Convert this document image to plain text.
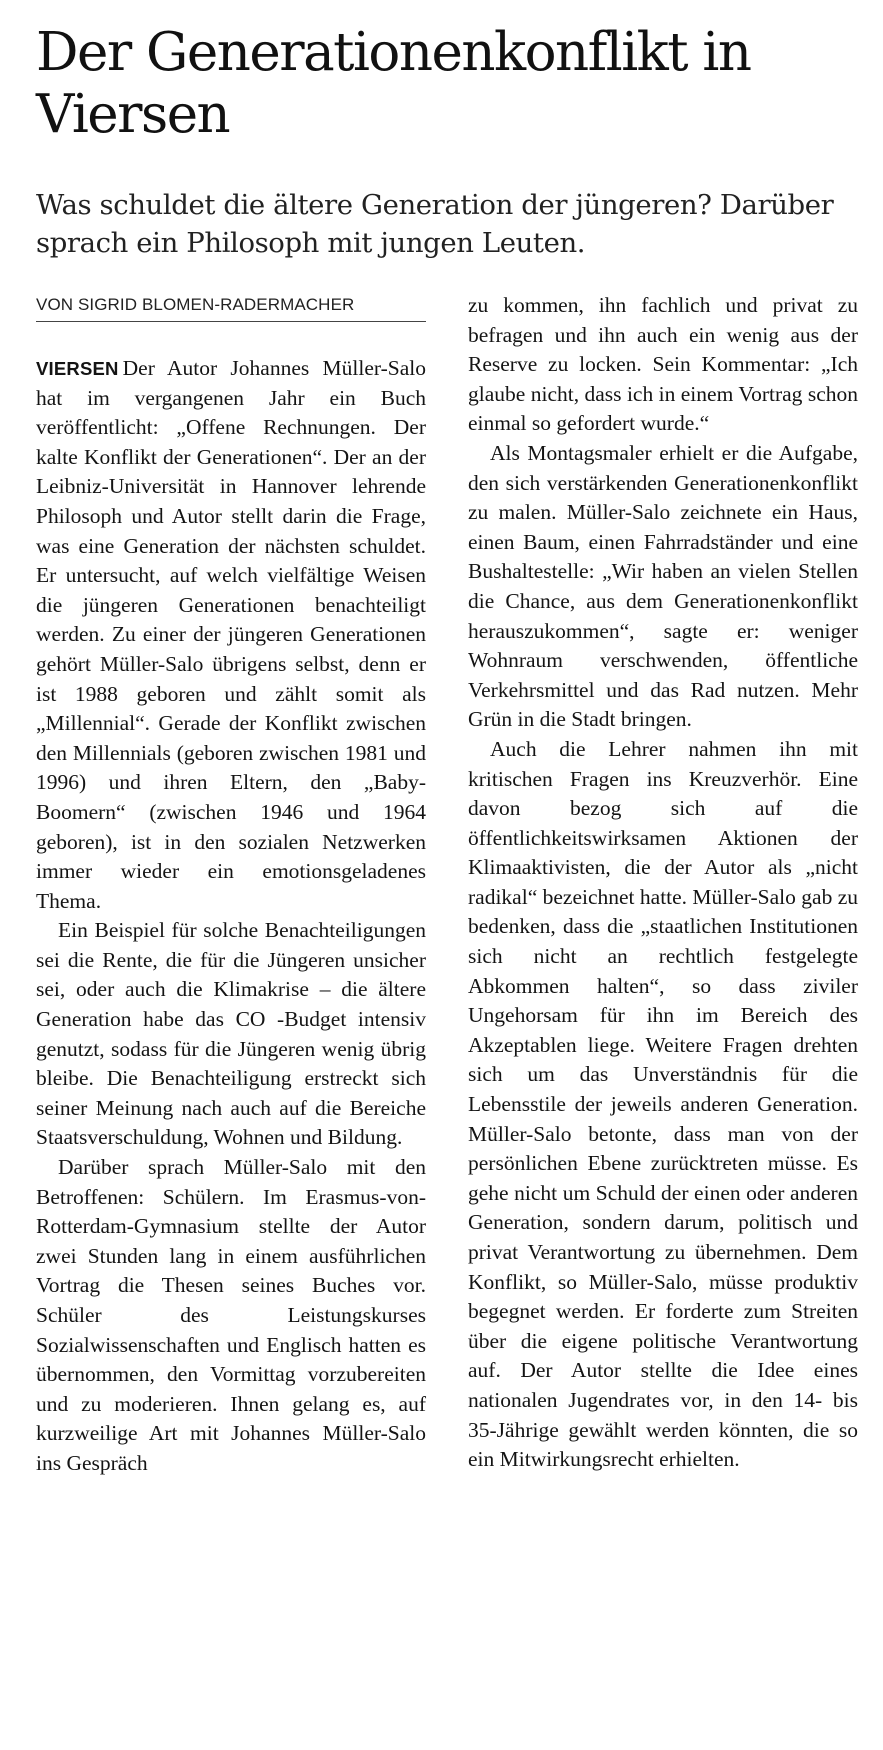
Der Generationenkonflikt in Viersen
Was schuldet die ältere Generation der jüngeren? Darüber sprach ein Philosoph mit jungen Leuten.
VON SIGRID BLOMEN-RADERMACHER

VIERSEN Der Autor Johannes Müller-Salo hat im vergangenen Jahr ein Buch veröffentlicht: „Offene Rechnungen. Der kalte Konflikt der Generationen“. Der an der Leibniz-Universität in Hannover lehrende Philosoph und Autor stellt darin die Frage, was eine Generation der nächsten schuldet. Er untersucht, auf welch vielfältige Weisen die jüngeren Generationen benachteiligt werden. Zu einer der jüngeren Generationen gehört Müller-Salo übrigens selbst, denn er ist 1988 geboren und zählt somit als „Millennial“. Gerade der Konflikt zwischen den Millennials (geboren zwischen 1981 und 1996) und ihren Eltern, den „Baby-Boomern“ (zwischen 1946 und 1964 geboren), ist in den sozialen Netzwerken immer wieder ein emotionsgeladenes Thema.

Ein Beispiel für solche Benachteiligungen sei die Rente, die für die Jüngeren unsicher sei, oder auch die Klimakrise – die ältere Generation habe das CO -Budget intensiv genutzt, sodass für die Jüngeren wenig übrig bleibe. Die Benachteiligung erstreckt sich seiner Meinung nach auch auf die Bereiche Staatsverschuldung, Wohnen und Bildung.

Darüber sprach Müller-Salo mit den Betroffenen: Schülern. Im Erasmus-von-Rotterdam-Gymnasium stellte der Autor zwei Stunden lang in einem ausführlichen Vortrag die Thesen seines Buches vor. Schüler des Leistungskurses Sozialwissenschaften und Englisch hatten es übernommen, den Vormittag vorzubereiten und zu moderieren. Ihnen gelang es, auf kurzweilige Art mit Johannes Müller-Salo ins Gespräch

zu kommen, ihn fachlich und privat zu befragen und ihn auch ein wenig aus der Reserve zu locken. Sein Kommentar: „Ich glaube nicht, dass ich in einem Vortrag schon einmal so gefordert wurde.“

Als Montagsmaler erhielt er die Aufgabe, den sich verstärkenden Generationenkonflikt zu malen. Müller-Salo zeichnete ein Haus, einen Baum, einen Fahrradständer und eine Bushaltestelle: „Wir haben an vielen Stellen die Chance, aus dem Generationenkonflikt herauszukommen“, sagte er: weniger Wohnraum verschwenden, öffentliche Verkehrsmittel und das Rad nutzen. Mehr Grün in die Stadt bringen.

Auch die Lehrer nahmen ihn mit kritischen Fragen ins Kreuzverhör. Eine davon bezog sich auf die öffentlichkeitswirksamen Aktionen der Klimaaktivisten, die der Autor als „nicht radikal“ bezeichnet hatte. Müller-Salo gab zu bedenken, dass die „staatlichen Institutionen sich nicht an rechtlich festgelegte Abkommen halten“, so dass ziviler Ungehorsam für ihn im Bereich des Akzeptablen liege. Weitere Fragen drehten sich um das Unverständnis für die Lebensstile der jeweils anderen Generation. Müller-Salo betonte, dass man von der persönlichen Ebene zurücktreten müsse. Es gehe nicht um Schuld der einen oder anderen Generation, sondern darum, politisch und privat Verantwortung zu übernehmen. Dem Konflikt, so Müller-Salo, müsse produktiv begegnet werden. Er forderte zum Streiten über die eigene politische Verantwortung auf. Der Autor stellte die Idee eines nationalen Jugendrates vor, in den 14- bis 35-Jährige gewählt werden könnten, die so ein Mitwirkungsrecht erhielten.
